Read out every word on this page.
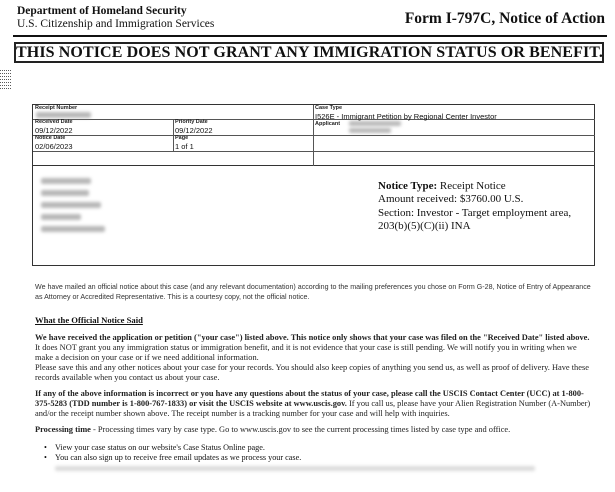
Department of Homeland Security
U.S. Citizenship and Immigration Services	Form I-797C, Notice of Action
THIS NOTICE DOES NOT GRANT ANY IMMIGRATION STATUS OR BENEFIT.
Receipt Number	Case Type
I526E - Immigrant Petition by Regional Center Investor
Received Date
09/12/2022
Priority Date
09/12/2022
Applicant
Notice Date
02/06/2023
Page
1 of 1
Notice Type: Receipt Notice
Amount received: $3760.00 U.S.
Section: Investor - Target employment area,
203(b)(5)(C)(ii) INA
We have mailed an official notice about this case (and any relevant documentation) according to the mailing preferences you chose on Form G-28, Notice of Entry of Appearance as Attorney or Accredited Representative. This is a courtesy copy, not the official notice.
What the Official Notice Said
We have received the application or petition ("your case") listed above. This notice only shows that your case was filed on the "Received Date" listed above. It does NOT grant you any immigration status or immigration benefit, and it is not evidence that your case is still pending. We will notify you in writing when we make a decision on your case or if we need additional information.
Please save this and any other notices about your case for your records. You should also keep copies of anything you send us, as well as proof of delivery. Have these records available when you contact us about your case.
If any of the above information is incorrect or you have any questions about the status of your case, please call the USCIS Contact Center (UCC) at 1-800-375-5283 (TDD number is 1-800-767-1833) or visit the USCIS website at www.uscis.gov. If you call us, please have your Alien Registration Number (A-Number) and/or the receipt number shown above. The receipt number is a tracking number for your case and will help with inquiries.
Processing time - Processing times vary by case type. Go to www.uscis.gov to see the current processing times listed by case type and office.
• View your case status on our website's Case Status Online page.
• You can also sign up to receive free email updates as we process your case.
